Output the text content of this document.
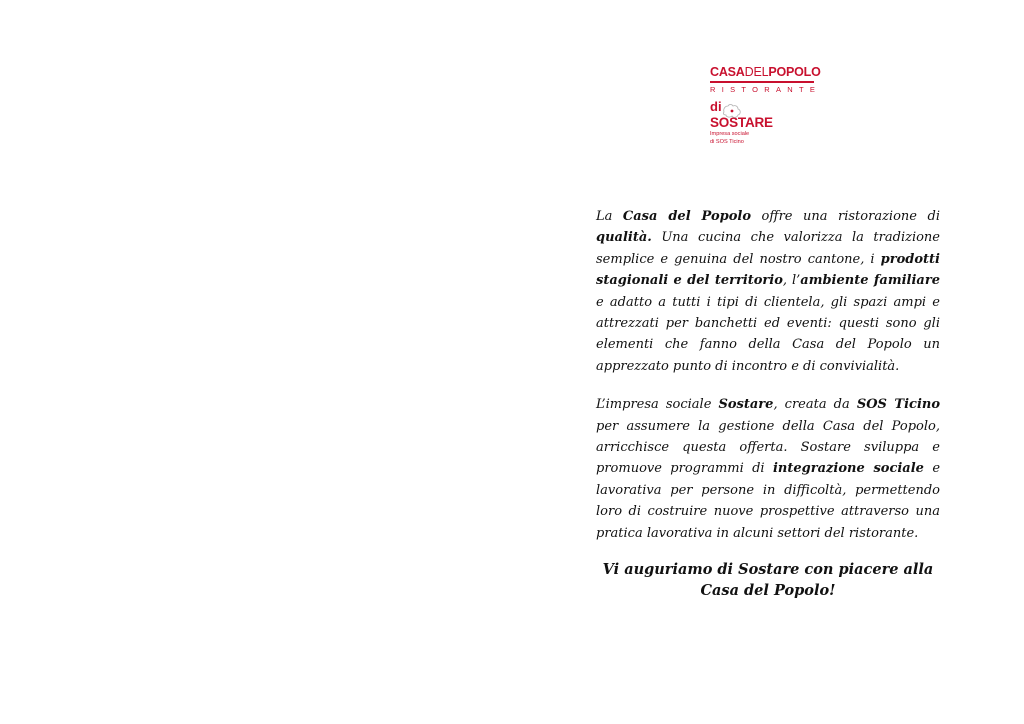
CASADELPOPOLO
RISTORANTE
di
SOSTARE
Impresa sociale
di SOS Ticino

La Casa del Popolo offre una ristorazione di qualità. Una cucina che valorizza la tradizione semplice e genuina del nostro cantone, i prodotti stagionali e del territorio, l’ambiente familiare e adatto a tutti i tipi di clientela, gli spazi ampi e attrezzati per banchetti ed eventi: questi sono gli elementi che fanno della Casa del Popolo un apprezzato punto di incontro e di convivialità.

L’impresa sociale Sostare, creata da SOS Ticino per assumere la gestione della Casa del Popolo, arricchisce questa offerta. Sostare sviluppa e promuove programmi di integrazione sociale e lavorativa per persone in difficoltà, permettendo loro di costruire nuove prospettive attraverso una pratica lavorativa in alcuni settori del ristorante.

Vi auguriamo di Sostare con piacere alla
Casa del Popolo!
